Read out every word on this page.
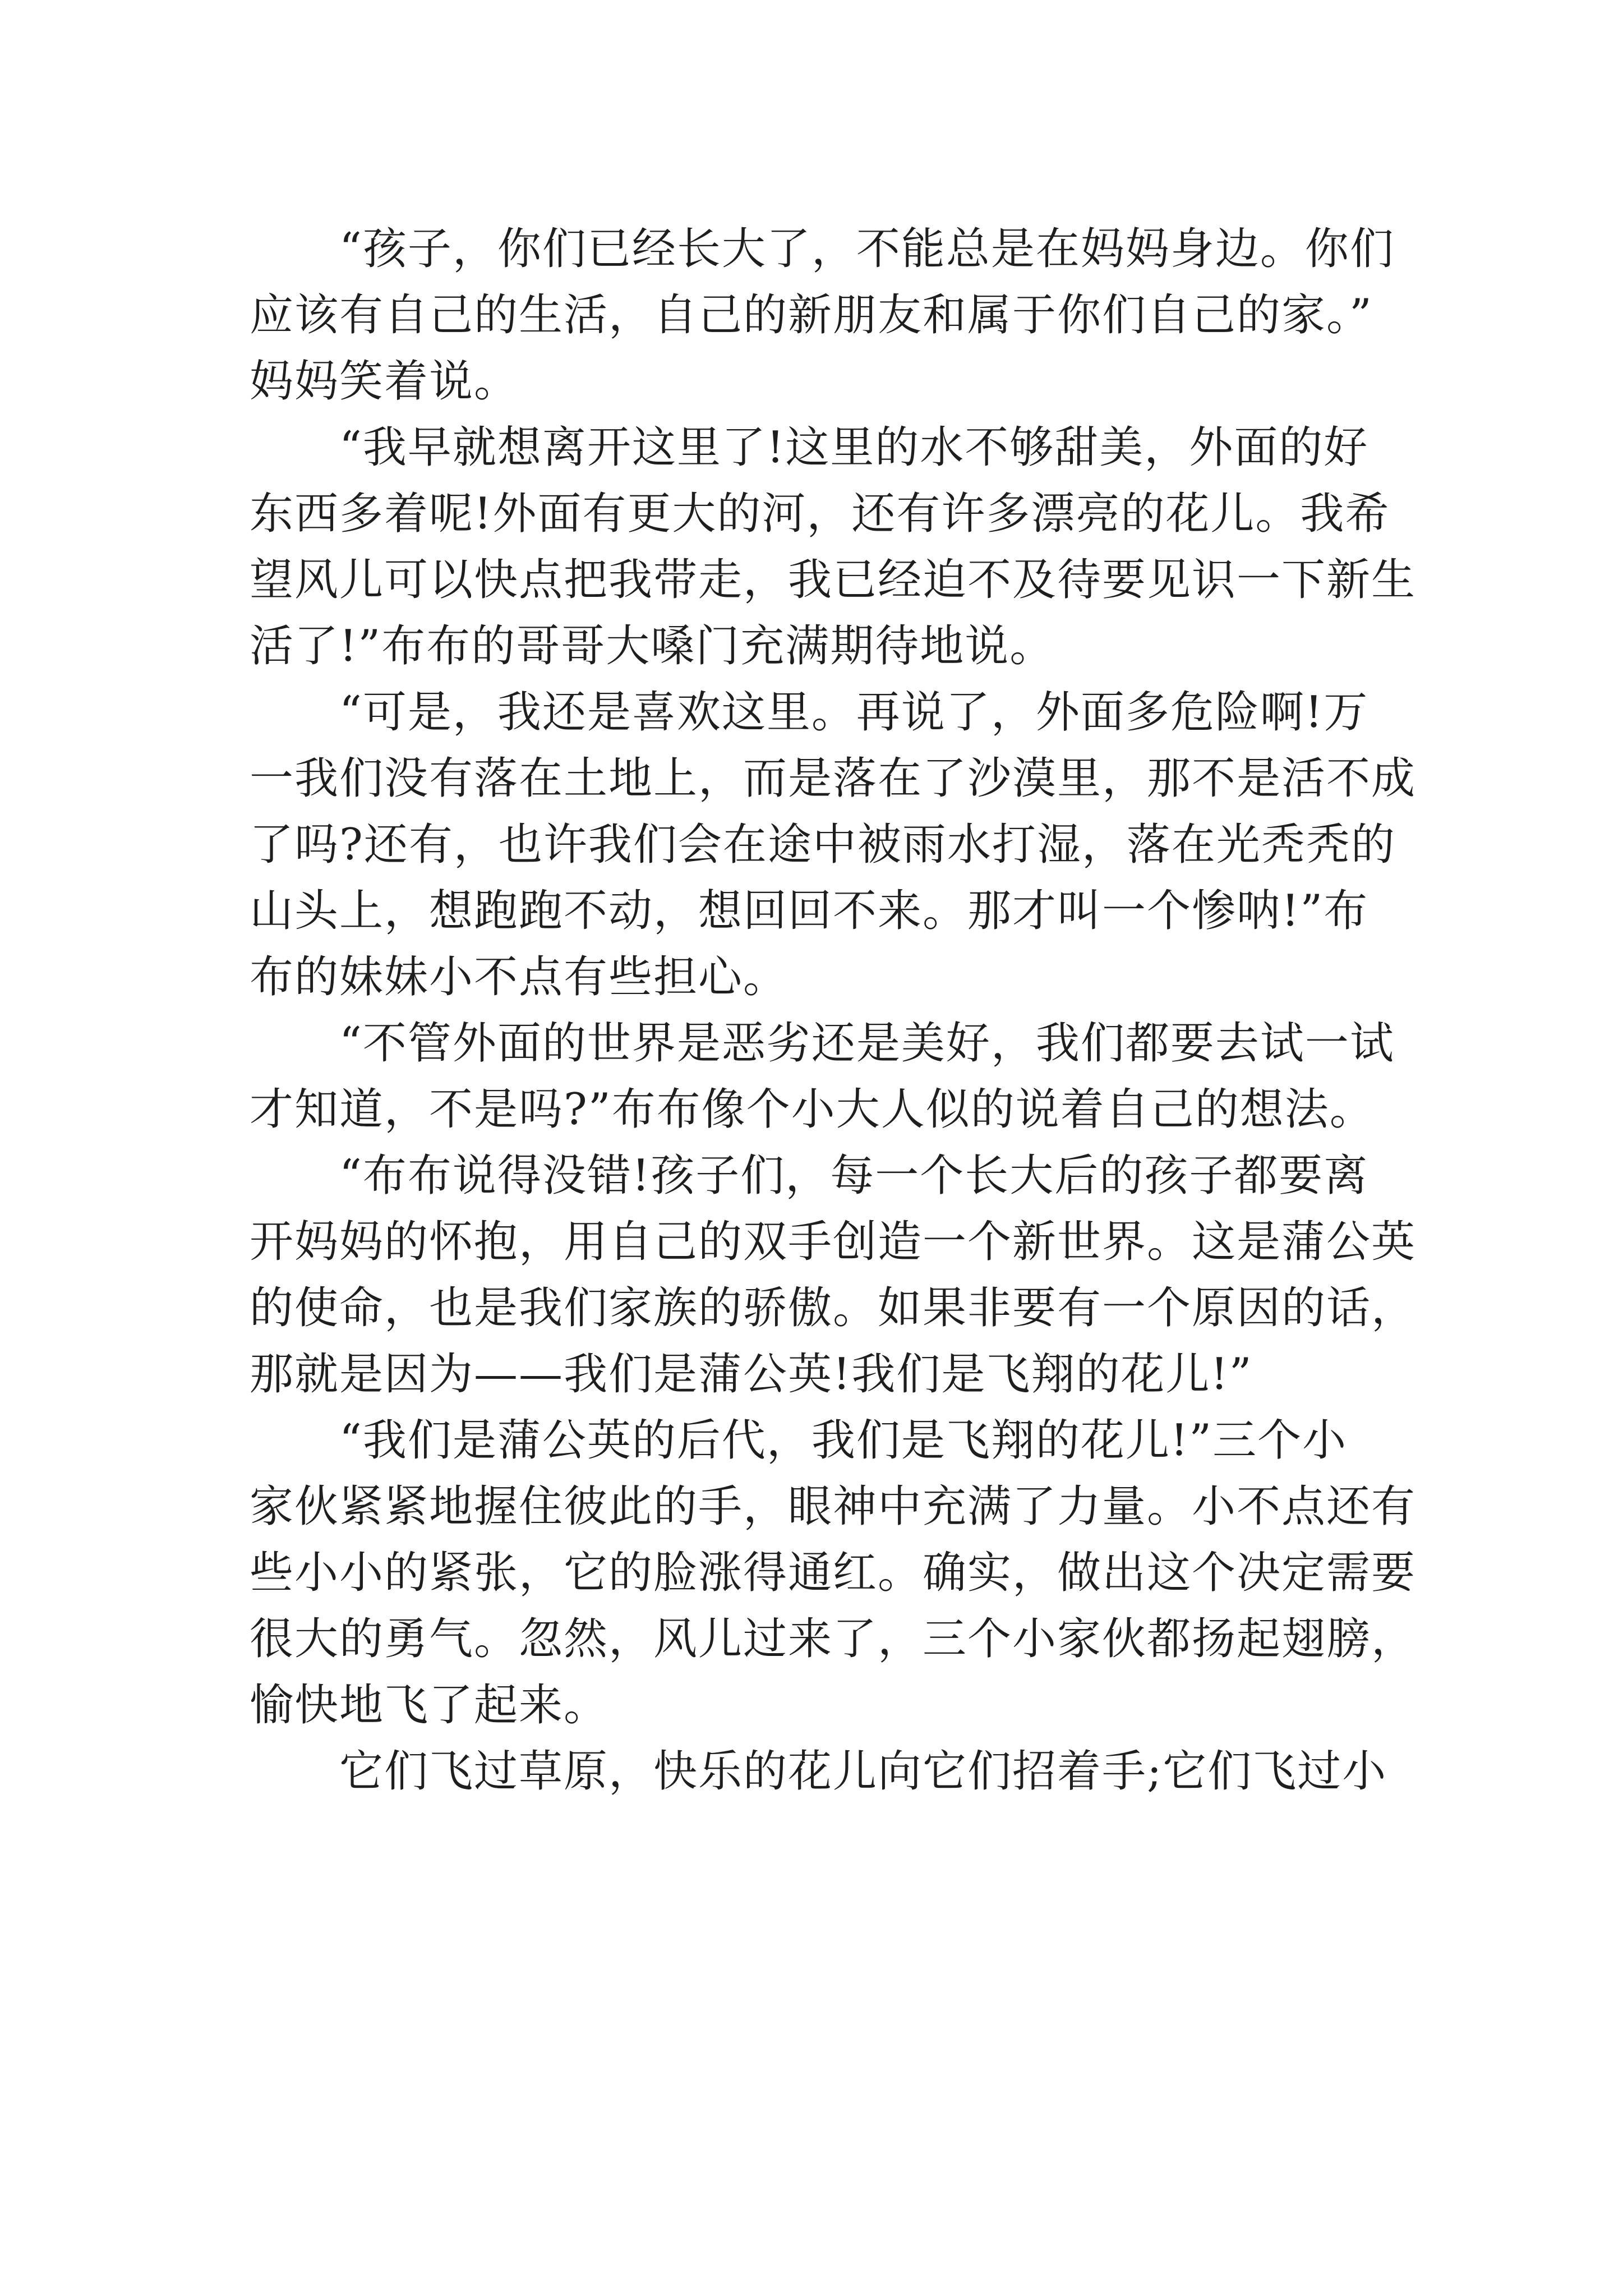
“孩子，你们已经长大了，不能总是在妈妈身边。你们
应该有自己的生活，自己的新朋友和属于你们自己的家。”
妈妈笑着说。
“我早就想离开这里了!这里的水不够甜美，外面的好
东西多着呢!外面有更大的河，还有许多漂亮的花儿。我希
望风儿可以快点把我带走，我已经迫不及待要见识一下新生
活了!”布布的哥哥大嗓门充满期待地说。
“可是，我还是喜欢这里。再说了，外面多危险啊!万
一我们没有落在土地上，而是落在了沙漠里，那不是活不成
了吗?还有，也许我们会在途中被雨水打湿，落在光秃秃的
山头上，想跑跑不动，想回回不来。那才叫一个惨呐!”布
布的妹妹小不点有些担心。
“不管外面的世界是恶劣还是美好，我们都要去试一试
才知道，不是吗?”布布像个小大人似的说着自己的想法。
“布布说得没错!孩子们，每一个长大后的孩子都要离
开妈妈的怀抱，用自己的双手创造一个新世界。这是蒲公英
的使命，也是我们家族的骄傲。如果非要有一个原因的话，
那就是因为——我们是蒲公英!我们是飞翔的花儿!”
“我们是蒲公英的后代，我们是飞翔的花儿!”三个小
家伙紧紧地握住彼此的手，眼神中充满了力量。小不点还有
些小小的紧张，它的脸涨得通红。确实，做出这个决定需要
很大的勇气。忽然，风儿过来了，三个小家伙都扬起翅膀，
愉快地飞了起来。
它们飞过草原，快乐的花儿向它们招着手;它们飞过小
